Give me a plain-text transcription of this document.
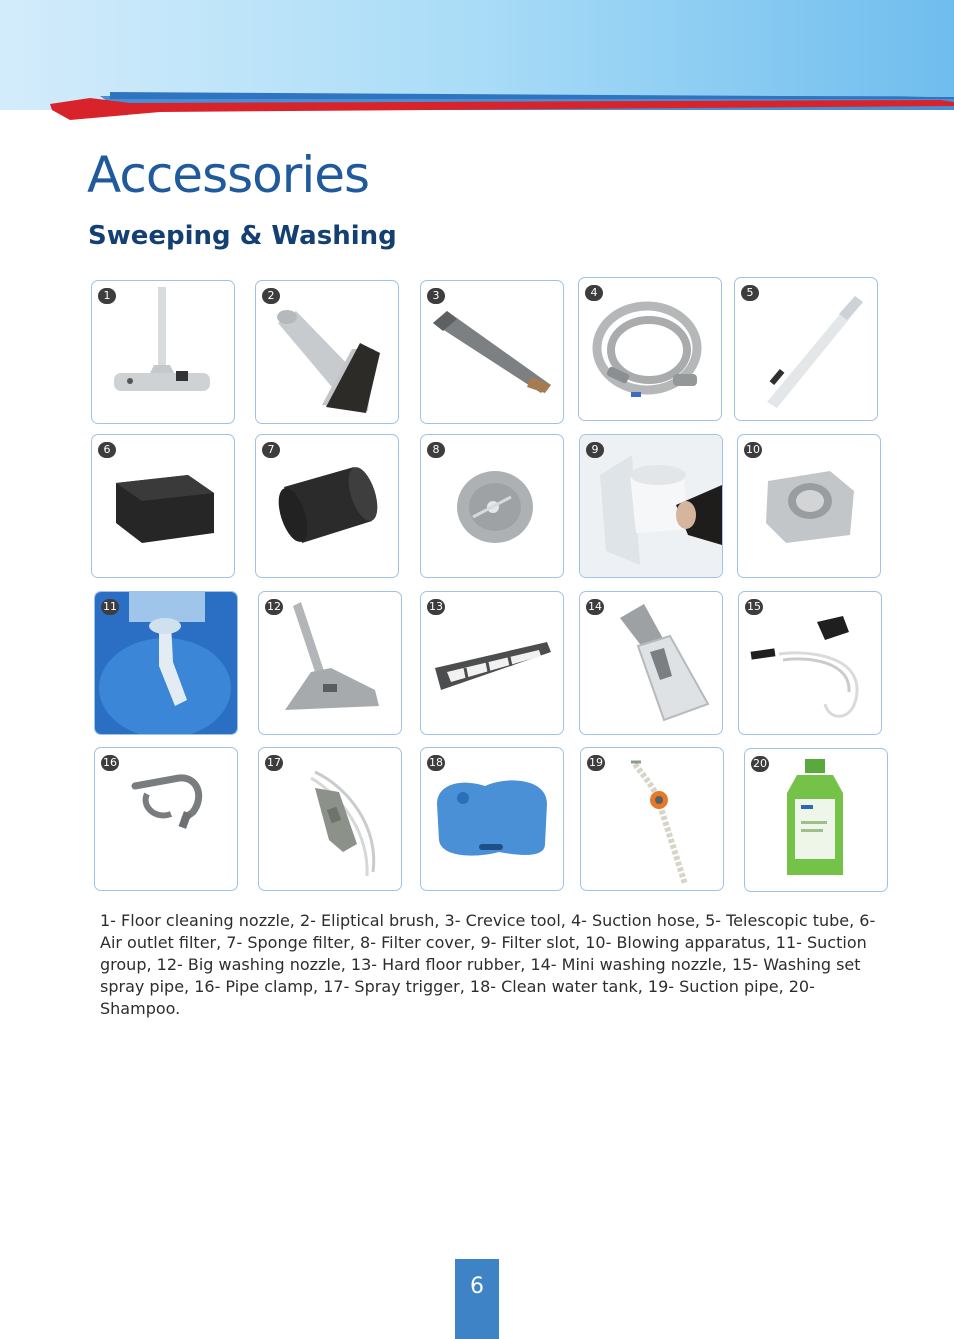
Accessories
Sweeping & Washing
1	2	3	4	5
6	7	8	9	10
11	12	13	14	15
16	17	18	19	20

1- Floor cleaning nozzle, 2- Eliptical brush, 3- Crevice tool, 4- Suction hose, 5- Telescopic tube, 6- Air outlet filter, 7- Sponge filter, 8- Filter cover, 9- Filter slot, 10- Blowing apparatus, 11- Suction group, 12- Big washing nozzle, 13- Hard floor rubber, 14- Mini washing nozzle, 15- Washing set spray pipe, 16- Pipe clamp, 17- Spray trigger, 18- Clean water tank, 19- Suction pipe, 20- Shampoo.

6
